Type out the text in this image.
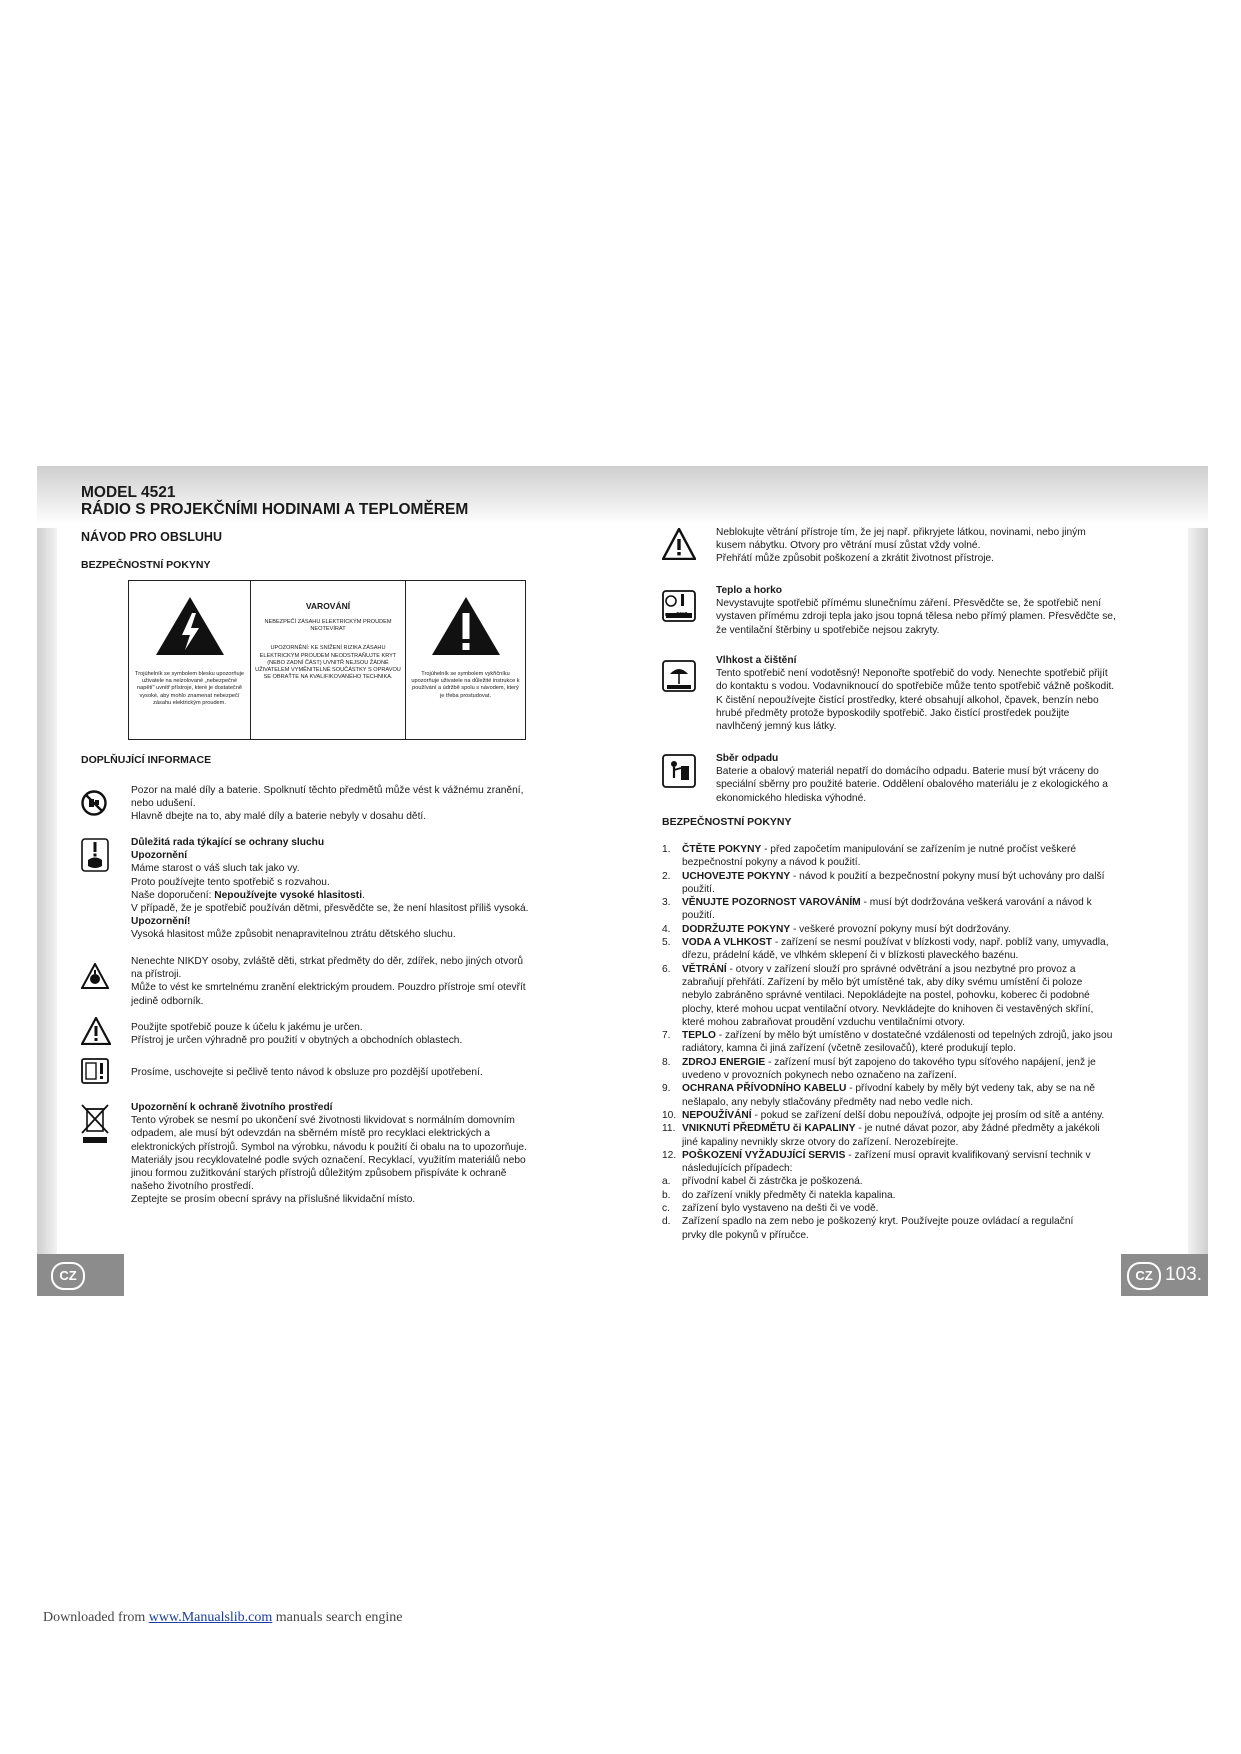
MODEL 4521
RÁDIO S PROJEKČNÍMI HODINAMI A TEPLOMĚREM

NÁVOD PRO OBSLUHU

BEZPEČNOSTNÍ POKYNY

DOPLŇUJÍCÍ INFORMACE

Trojúhelník se symbolem blesku upozorňuje uživatele na neizolované „nebezpečné napětí" uvnitř přístroje, které je dostatečně vysoké, aby mohlo znamenat nebezpečí zásahu elektrickým proudem.

VAROVÁNÍ

NEBEZPEČÍ ZÁSAHU ELEKTRICKÝM PROUDEM NEOTEVÍRAT

UPOZORNĚNÍ: KE SNÍŽENÍ RIZIKA ZÁSAHU ELEKTRICKÝM PROUDEM NEODSTRAŇUJTE KRYT (NEBO ZADNÍ ČÁST) UVNITŘ NEJSOU ŽÁDNÉ UŽIVATELEM VYMĚNITELNÉ SOUČÁSTKY S OPRAVOU SE OBRAŤTE NA KVALIFIKOVANÉHO TECHNIKA.

Trojúhelník se symbolem vykřičníku upozorňuje uživatele na důležité instrukce k používání a údržbě spolu s návodem, který je třeba prostudovat.

Pozor na malé díly a baterie. Spolknutí těchto předmětů může vést k vážnému zranění,

nebo udušení.

Hlavně dbejte na to, aby malé díly a baterie nebyly v dosahu dětí.

Důležitá rada týkající se ochrany sluchu

Upozornění

Máme starost o váš sluch tak jako vy.

Proto používejte tento spotřebič s rozvahou.

Naše doporučení: Nepoužívejte vysoké hlasitosti.

V případě, že je spotřebič používán dětmi, přesvědčte se, že není hlasitost příliš vysoká.

Upozornění!

Vysoká hlasitost může způsobit nenapravitelnou ztrátu dětského sluchu.

Nenechte NIKDY osoby, zvláště děti, strkat předměty do děr, zdířek, nebo jiných otvorů

na přístroji.

Může to vést ke smrtelnému zranění elektrickým proudem. Pouzdro přístroje smí otevřít

jedině odborník.

Použijte spotřebič pouze k účelu k jakému je určen.

Přístroj je určen výhradně pro použití v obytných a obchodních oblastech.

Prosíme, uschovejte si pečlivě tento návod k obsluze pro pozdější upotřebení.

Upozornění k ochraně životního prostředí

Tento výrobek se nesmí po ukončení své životnosti likvidovat s normálním domovním

odpadem, ale musí být odevzdán na sběrném místě pro recyklaci elektrických a

elektronických přístrojů. Symbol na výrobku, návodu k použití či obalu na to upozorňuje.

Materiály jsou recyklovatelné podle svých označení. Recyklací, využitím materiálů nebo

jinou formou zužitkování starých přístrojů důležitým způsobem přispíváte k ochraně

našeho životního prostředí.

Zeptejte se prosím obecní správy na příslušné likvidační místo.

Neblokujte větrání přístroje tím, že jej např. přikryjete látkou, novinami, nebo jiným

kusem nábytku. Otvory pro větrání musí zůstat vždy volné.

Přehřátí může způsobit poškození a zkrátit životnost přístroje.

max 50°C

Teplo a horko

Nevystavujte spotřebič přímému slunečnímu záření. Přesvědčte se, že spotřebič není

vystaven přímému zdroji tepla jako jsou topná tělesa nebo přímý plamen. Přesvědčte se,

že ventilační štěrbiny u spotřebiče nejsou zakryty.

Vlhkost a čištění

Tento spotřebič není vodotěsný! Neponořte spotřebič do vody. Nenechte spotřebič přijít

do kontaktu s vodou. Vodavniknoucí do spotřebiče může tento spotřebič vážně poškodit.

K čistění nepoužívejte čistící prostředky, které obsahují alkohol, čpavek, benzín nebo

hrubé předměty protože byposkodily spotřebič. Jako čistící prostředek použijte

navlhčený jemný kus látky.

Sběr odpadu

Baterie a obalový materiál nepatří do domácího odpadu. Baterie musí být vráceny do

speciální sběrny pro použité baterie. Oddělení obalového materiálu je z ekologického a

ekonomického hlediska výhodné.

BEZPEČNOSTNÍ POKYNY

1. ČTĚTE POKYNY - před započetím manipulování se zařízením je nutné pročíst veškeré
bezpečnostní pokyny a návod k použití.
2. UCHOVEJTE POKYNY - návod k použití a bezpečnostní pokyny musí být uchovány pro další
použití.
3. VĚNUJTE POZORNOST VAROVÁNÍM - musí být dodržována veškerá varování a návod k
použití.
4. DODRŽUJTE POKYNY - veškeré provozní pokyny musí být dodržovány.
5. VODA A VLHKOST - zařízení se nesmí používat v blízkosti vody, např. poblíž vany, umyvadla,
dřezu, prádelní kádě, ve vlhkém sklepení či v blízkosti plaveckého bazénu.
6. VĚTRÁNÍ - otvory v zařízení slouží pro správné odvětrání a jsou nezbytné pro provoz a
zabraňují přehřátí. Zařízení by mělo být umístěné tak, aby díky svému umístění či poloze
nebylo zabráněno správné ventilaci. Nepokládejte na postel, pohovku, koberec či podobné
plochy, které mohou ucpat ventilační otvory. Nevkládejte do knihoven či vestavěných skříní,
které mohou zabraňovat proudění vzduchu ventilačními otvory.
7. TEPLO - zařízení by mělo být umístěno v dostatečné vzdálenosti od tepelných zdrojů, jako jsou
radiátory, kamna či jiná zařízení (včetně zesilovačů), které produkují teplo.
8. ZDROJ ENERGIE - zařízení musí být zapojeno do takového typu síťového napájení, jenž je
uvedeno v provozních pokynech nebo označeno na zařízení.
9. OCHRANA PŘÍVODNÍHO KABELU - přívodní kabely by měly být vedeny tak, aby se na ně
nešlapalo, any nebyly stlačovány předměty nad nebo vedle nich.
10. NEPOUŽÍVÁNÍ - pokud se zařízení delší dobu nepoužívá, odpojte jej prosím od sítě a antény.
11. VNIKNUTÍ PŘEDMĚTU či KAPALINY - je nutné dávat pozor, aby žádné předměty a jakékoli
jiné kapaliny nevnikly skrze otvory do zařízení. Nerozebírejte.
12. POŠKOZENÍ VYŽADUJÍCÍ SERVIS - zařízení musí opravit kvalifikovaný servisní technik v
následujících případech:
a. přívodní kabel či zástrčka je poškozená.
b. do zařízení vnikly předměty či natekla kapalina.
c. zařízení bylo vystaveno na dešti či ve vodě.
d. Zařízení spadlo na zem nebo je poškozený kryt. Používejte pouze ovládací a regulační
prvky dle pokynů v příručce.
CZ	CZ 103.
Downloaded from www.Manualslib.com manuals search engine
